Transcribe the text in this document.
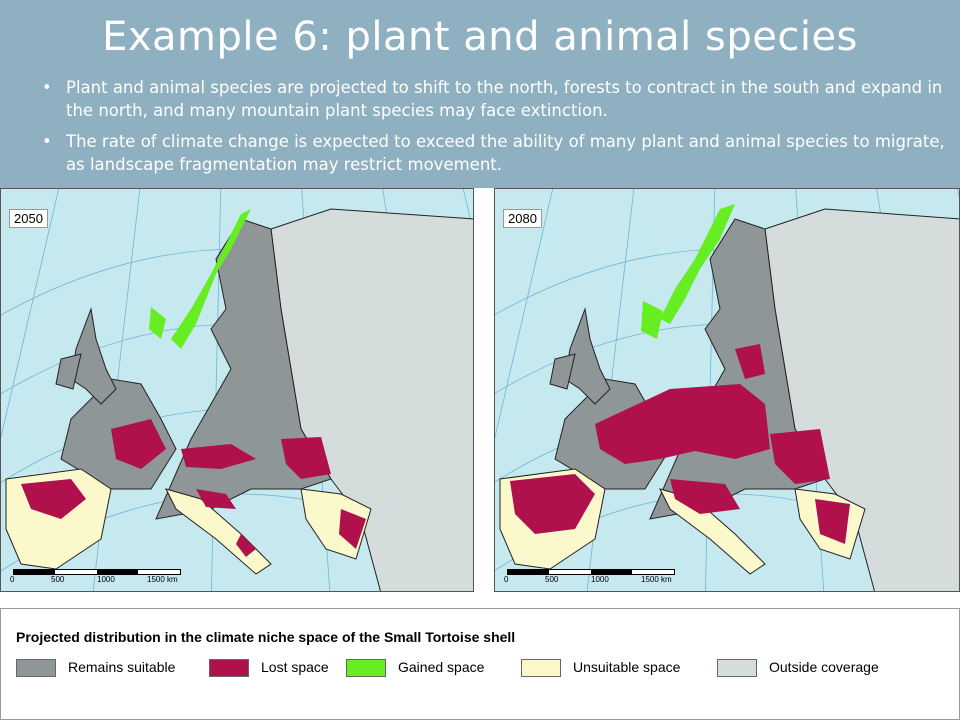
Example 6: plant and animal species
• Plant and animal species are projected to shift to the north, forests to contract in the south and expand in the north, and many mountain plant species may face extinction.
• The rate of climate change is expected to exceed the ability of many plant and animal species to migrate, as landscape fragmentation may restrict movement.
2050
0	500	1000	1500 km
2080
0	500	1000	1500 km
Projected distribution in the climate niche space of the Small Tortoise shell
Remains suitable	Lost space	Gained space	Unsuitable space	Outside coverage
